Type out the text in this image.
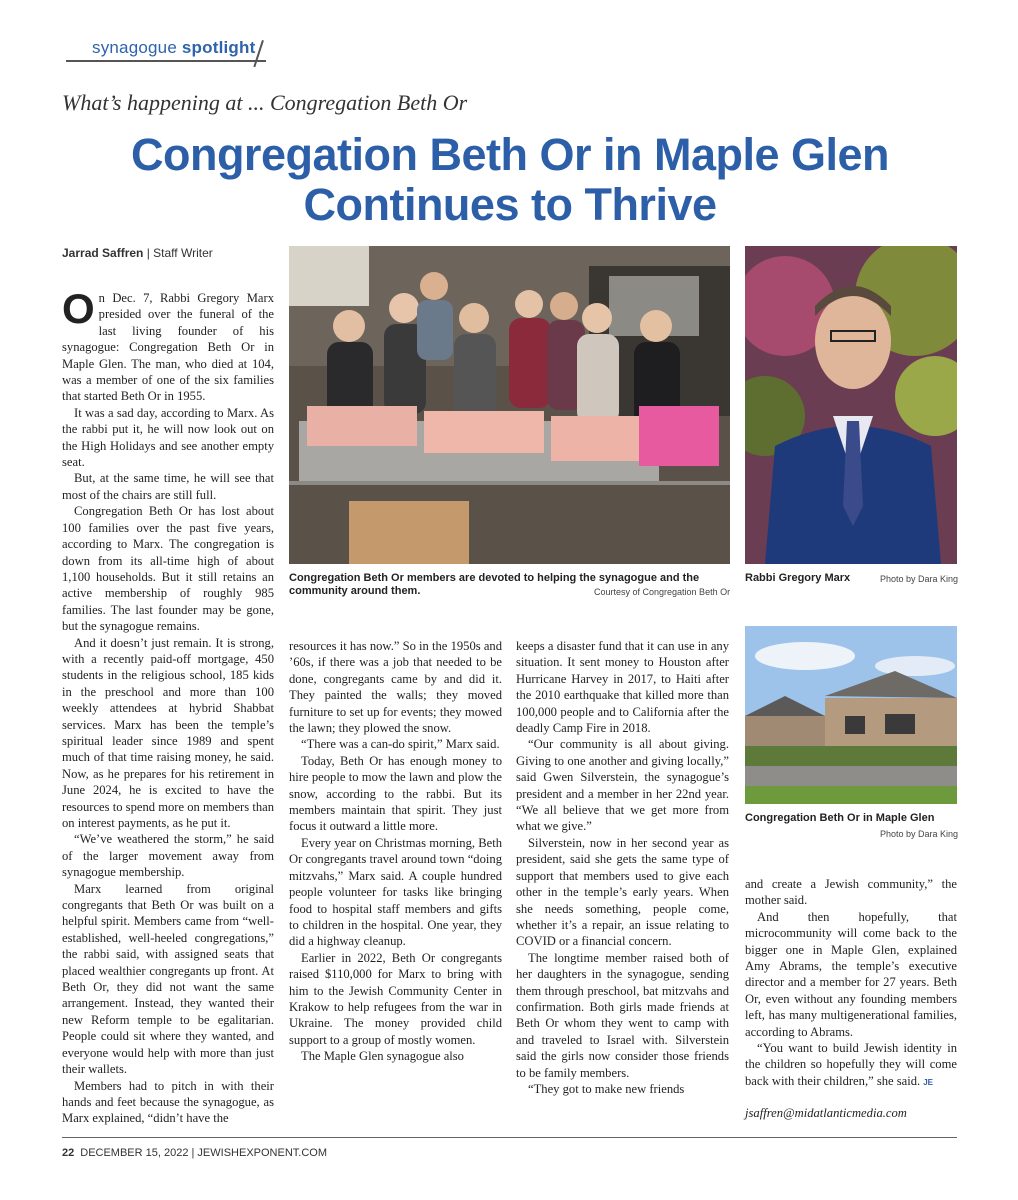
synagogue spotlight
What’s happening at ... Congregation Beth Or
Congregation Beth Or in Maple Glen
Continues to Thrive
Jarrad Saffren | Staff Writer
Congregation Beth Or members are devoted to helping the synagogue and the community around them.	Courtesy of Congregation Beth Or
Rabbi Gregory Marx	Photo by Dara King
Congregation Beth Or in Maple Glen
Photo by Dara King

On Dec. 7, Rabbi Gregory Marx presided over the funeral of the last living founder of his synagogue: Congregation Beth Or in Maple Glen. The man, who died at 104, was a member of one of the six families that started Beth Or in 1955.

It was a sad day, according to Marx. As the rabbi put it, he will now look out on the High Holidays and see another empty seat.

But, at the same time, he will see that most of the chairs are still full.

Congregation Beth Or has lost about 100 families over the past five years, according to Marx. The congregation is down from its all-time high of about 1,100 households. But it still retains an active membership of roughly 985 families. The last founder may be gone, but the synagogue remains.

And it doesn’t just remain. It is strong, with a recently paid-off mortgage, 450 students in the religious school, 185 kids in the preschool and more than 100 weekly attendees at hybrid Shabbat services. Marx has been the temple’s spiritual leader since 1989 and spent much of that time raising money, he said. Now, as he prepares for his retirement in June 2024, he is excited to have the resources to spend more on members than on interest payments, as he put it.

“We’ve weathered the storm,” he said of the larger movement away from synagogue membership.

Marx learned from original congregants that Beth Or was built on a helpful spirit. Members came from “well-established, well-heeled congregations,” the rabbi said, with assigned seats that placed wealthier congregants up front. At Beth Or, they did not want the same arrangement. Instead, they wanted their new Reform temple to be egalitarian. People could sit where they wanted, and everyone would help with more than just their wallets.

Members had to pitch in with their hands and feet because the synagogue, as Marx explained, “didn’t have the

resources it has now.” So in the 1950s and ’60s, if there was a job that needed to be done, congregants came by and did it. They painted the walls; they moved furniture to set up for events; they mowed the lawn; they plowed the snow.

“There was a can-do spirit,” Marx said.

Today, Beth Or has enough money to hire people to mow the lawn and plow the snow, according to the rabbi. But its members maintain that spirit. They just focus it outward a little more.

Every year on Christmas morning, Beth Or congregants travel around town “doing mitzvahs,” Marx said. A couple hundred people volunteer for tasks like bringing food to hospital staff members and gifts to children in the hospital. One year, they did a highway cleanup.

Earlier in 2022, Beth Or congregants raised $110,000 for Marx to bring with him to the Jewish Community Center in Krakow to help refugees from the war in Ukraine. The money provided child support to a group of mostly women.

The Maple Glen synagogue also

keeps a disaster fund that it can use in any situation. It sent money to Houston after Hurricane Harvey in 2017, to Haiti after the 2010 earthquake that killed more than 100,000 people and to California after the deadly Camp Fire in 2018.

“Our community is all about giving. Giving to one another and giving locally,” said Gwen Silverstein, the synagogue’s president and a member in her 22nd year. “We all believe that we get more from what we give.”

Silverstein, now in her second year as president, said she gets the same type of support that members used to give each other in the temple’s early years. When she needs something, people come, whether it’s a repair, an issue relating to COVID or a financial concern.

The longtime member raised both of her daughters in the synagogue, sending them through preschool, bat mitzvahs and confirmation. Both girls made friends at Beth Or whom they went to camp with and traveled to Israel with. Silverstein said the girls now consider those friends to be family members.

“They got to make new friends

and create a Jewish community,” the mother said.

And then hopefully, that microcommunity will come back to the bigger one in Maple Glen, explained Amy Abrams, the temple’s executive director and a member for 27 years. Beth Or, even without any founding members left, has many multigenerational families, according to Abrams.

“You want to build Jewish identity in the children so hopefully they will come back with their children,” she said. JE

jsaffren@midatlanticmedia.com

22 DECEMBER 15, 2022 | JEWISHEXPONENT.COM
